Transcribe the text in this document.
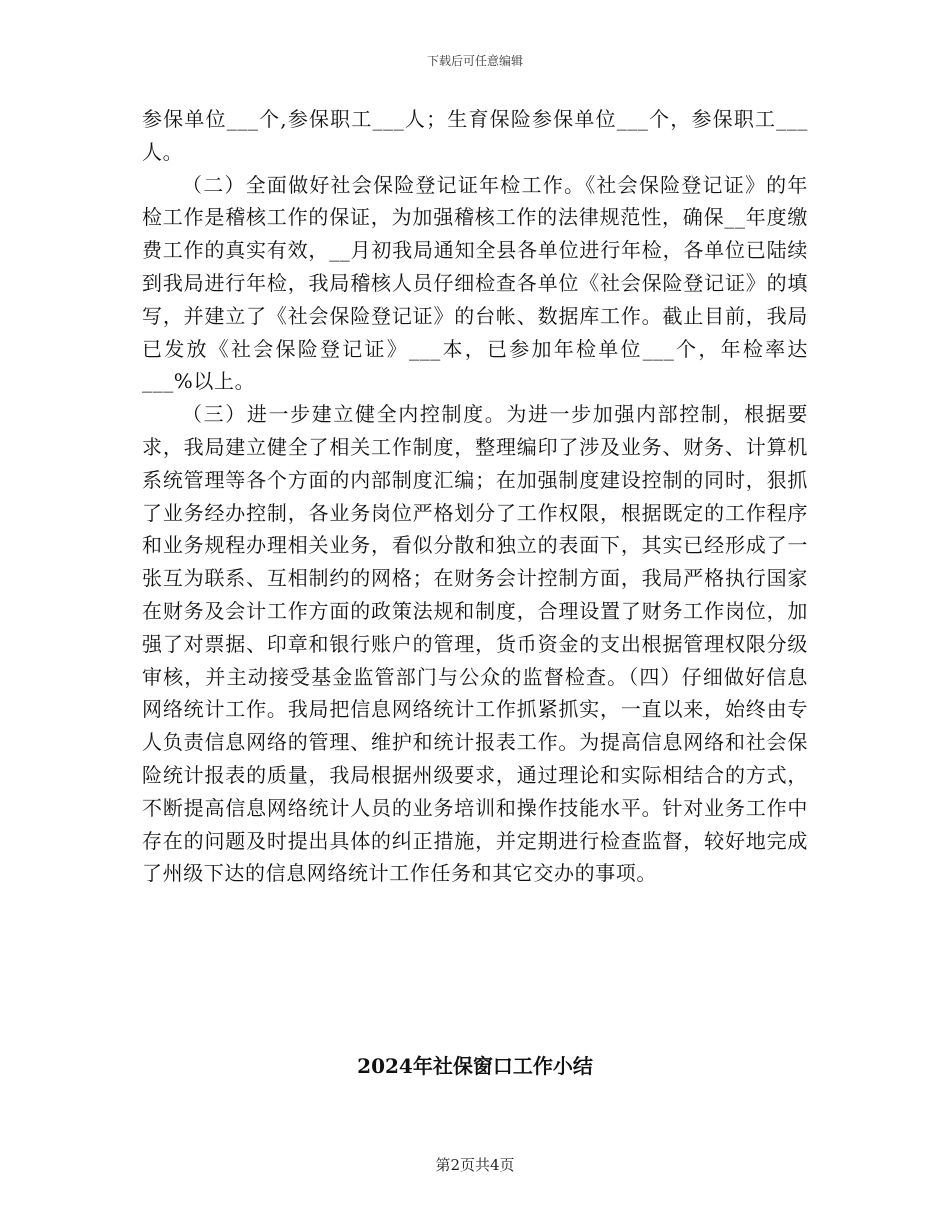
下载后可任意编辑

参保单位___个,参保职工___人；生育保险参保单位___个，参保职工___人。

（二）全面做好社会保险登记证年检工作。《社会保险登记证》的年检工作是稽核工作的保证，为加强稽核工作的法律规范性，确保__年度缴费工作的真实有效，__月初我局通知全县各单位进行年检，各单位已陆续到我局进行年检，我局稽核人员仔细检查各单位《社会保险登记证》的填写，并建立了《社会保险登记证》的台帐、数据库工作。截止目前，我局已发放《社会保险登记证》___本，已参加年检单位___个，年检率达___%以上。

（三）进一步建立健全内控制度。为进一步加强内部控制，根据要求，我局建立健全了相关工作制度，整理编印了涉及业务、财务、计算机系统管理等各个方面的内部制度汇编；在加强制度建设控制的同时，狠抓了业务经办控制，各业务岗位严格划分了工作权限，根据既定的工作程序和业务规程办理相关业务，看似分散和独立的表面下，其实已经形成了一张互为联系、互相制约的网格；在财务会计控制方面，我局严格执行国家在财务及会计工作方面的政策法规和制度，合理设置了财务工作岗位，加强了对票据、印章和银行账户的管理，货币资金的支出根据管理权限分级审核，并主动接受基金监管部门与公众的监督检查。（四）仔细做好信息网络统计工作。我局把信息网络统计工作抓紧抓实，一直以来，始终由专人负责信息网络的管理、维护和统计报表工作。为提高信息网络和社会保险统计报表的质量，我局根据州级要求，通过理论和实际相结合的方式，不断提高信息网络统计人员的业务培训和操作技能水平。针对业务工作中存在的问题及时提出具体的纠正措施，并定期进行检查监督，较好地完成了州级下达的信息网络统计工作任务和其它交办的事项。

2024年社保窗口工作小结
第2页共4页
